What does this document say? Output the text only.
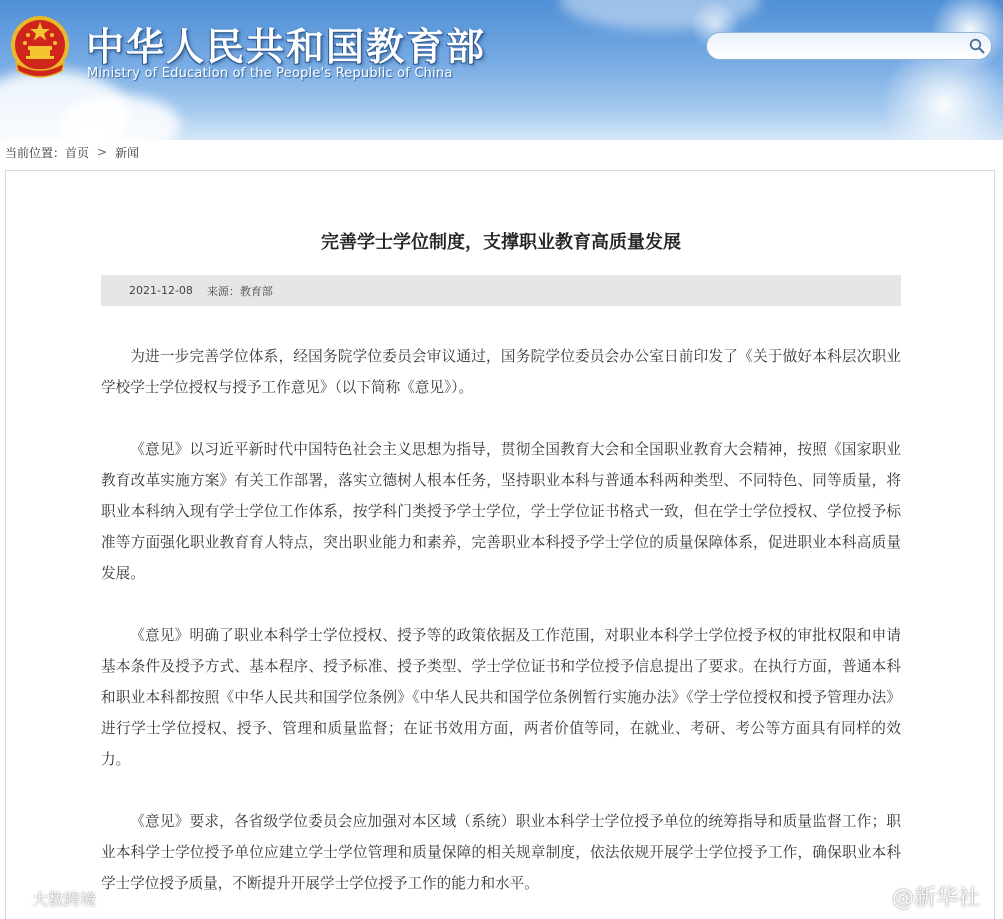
中华人民共和国教育部
Ministry of Education of the People's Republic of China
当前位置： 首页 > 新闻
完善学士学位制度，支撑职业教育高质量发展
2021-12-08 来源：教育部

为进一步完善学位体系，经国务院学位委员会审议通过，国务院学位委员会办公室日前印发了《关于做好本科层次职业学校学士学位授权与授予工作意见》（以下简称《意见》）。

《意见》以习近平新时代中国特色社会主义思想为指导，贯彻全国教育大会和全国职业教育大会精神，按照《国家职业教育改革实施方案》有关工作部署，落实立德树人根本任务，坚持职业本科与普通本科两种类型、不同特色、同等质量，将职业本科纳入现有学士学位工作体系，按学科门类授予学士学位，学士学位证书格式一致，但在学士学位授权、学位授予标准等方面强化职业教育育人特点，突出职业能力和素养，完善职业本科授予学士学位的质量保障体系，促进职业本科高质量发展。

《意见》明确了职业本科学士学位授权、授予等的政策依据及工作范围，对职业本科学士学位授予权的审批权限和申请基本条件及授予方式、基本程序、授予标准、授予类型、学士学位证书和学位授予信息提出了要求。在执行方面，普通本科和职业本科都按照《中华人民共和国学位条例》《中华人民共和国学位条例暂行实施办法》《学士学位授权和授予管理办法》进行学士学位授权、授予、管理和质量监督；在证书效用方面，两者价值等同，在就业、考研、考公等方面具有同样的效力。

《意见》要求，各省级学位委员会应加强对本区域（系统）职业本科学士学位授予单位的统筹指导和质量监督工作；职业本科学士学位授予单位应建立学士学位管理和质量保障的相关规章制度，依法依规开展学士学位授予工作，确保职业本科学士学位授予质量，不断提升开展学士学位授予工作的能力和水平。

大数跨境	@新华社
